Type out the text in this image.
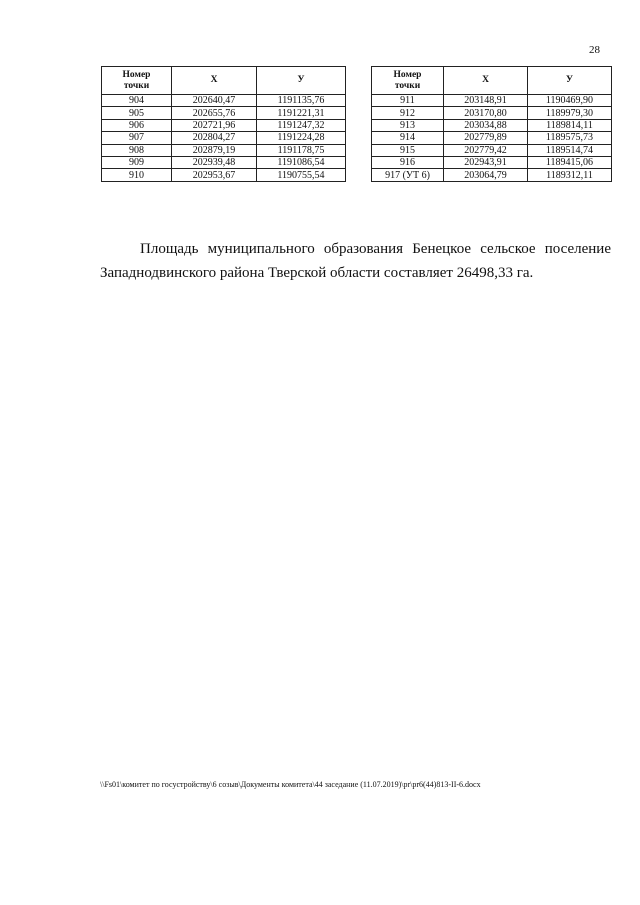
28
Номер
точки	X	У
904	202640,47	1191135,76
905	202655,76	1191221,31
906	202721,96	1191247,32
907	202804,27	1191224,28
908	202879,19	1191178,75
909	202939,48	1191086,54
910	202953,67	1190755,54
Номер
точки	X	У
911	203148,91	1190469,90
912	203170,80	1189979,30
913	203034,88	1189814,11
914	202779,89	1189575,73
915	202779,42	1189514,74
916	202943,91	1189415,06
917 (УТ 6)	203064,79	1189312,11

Площадь муниципального образования Бенецкое сельское поселение Западнодвинского района Тверской области составляет 26498,33 га.

\\Fs01\комитет по госустройству\6 созыв\Документы комитета\44 заседание (11.07.2019)\pr\pr6(44)813-II-6.docx
